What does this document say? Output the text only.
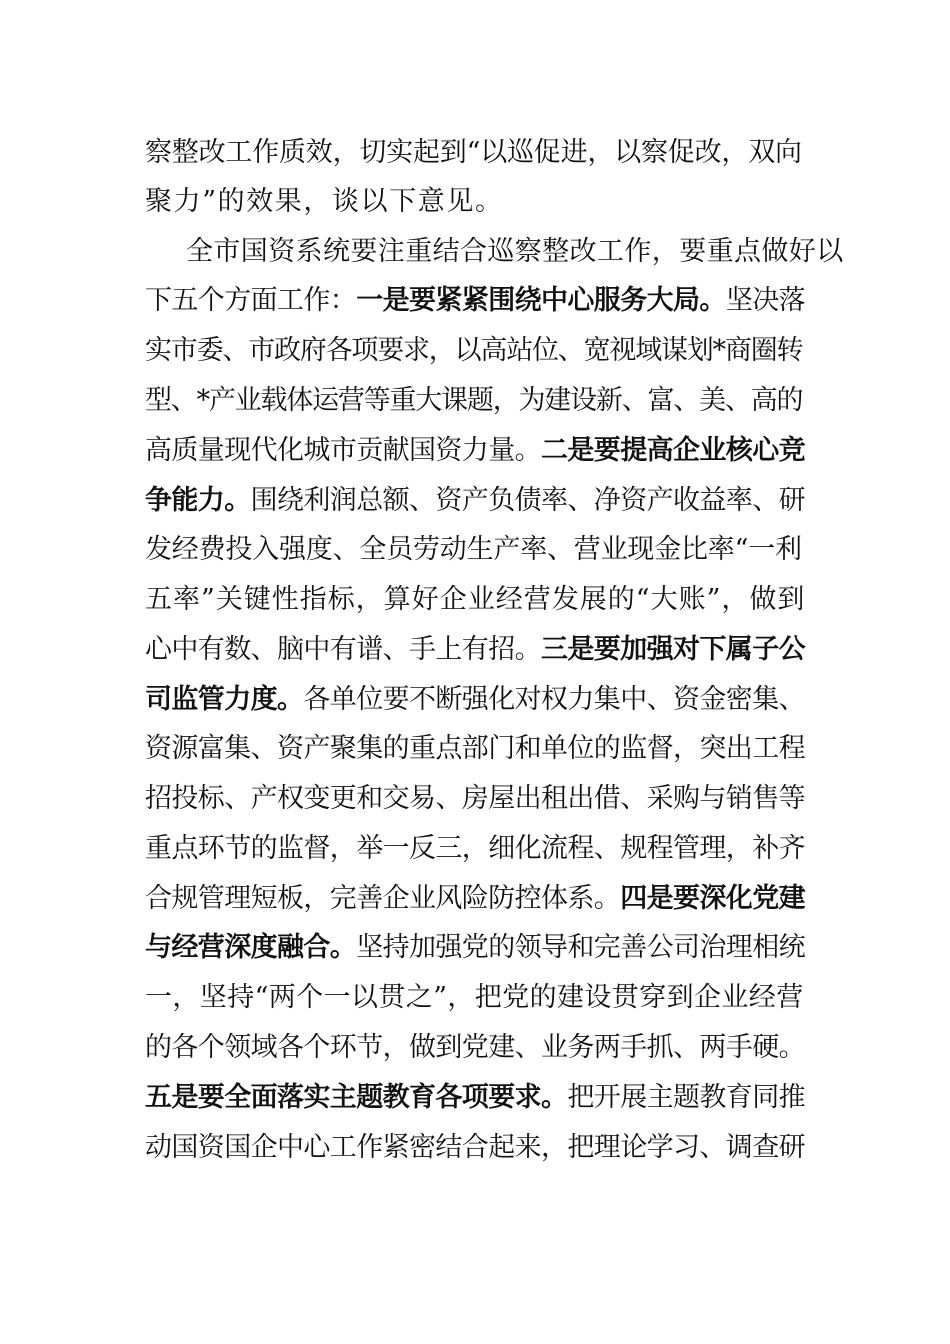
察整改工作质效，切实起到“以巡促进，以察促改，双向
聚力”的效果，谈以下意见。
全市国资系统要注重结合巡察整改工作，要重点做好以
下五个方面工作：一是要紧紧围绕中心服务大局。坚决落
实市委、市政府各项要求，以高站位、宽视域谋划*商圈转
型、*产业载体运营等重大课题，为建设新、富、美、高的
高质量现代化城市贡献国资力量。二是要提高企业核心竞
争能力。围绕利润总额、资产负债率、净资产收益率、研
发经费投入强度、全员劳动生产率、营业现金比率“一利
五率”关键性指标，算好企业经营发展的“大账”，做到
心中有数、脑中有谱、手上有招。三是要加强对下属子公
司监管力度。各单位要不断强化对权力集中、资金密集、
资源富集、资产聚集的重点部门和单位的监督，突出工程
招投标、产权变更和交易、房屋出租出借、采购与销售等
重点环节的监督，举一反三，细化流程、规程管理，补齐
合规管理短板，完善企业风险防控体系。四是要深化党建
与经营深度融合。坚持加强党的领导和完善公司治理相统
一，坚持“两个一以贯之”，把党的建设贯穿到企业经营
的各个领域各个环节，做到党建、业务两手抓、两手硬。
五是要全面落实主题教育各项要求。把开展主题教育同推
动国资国企中心工作紧密结合起来，把理论学习、调查研
